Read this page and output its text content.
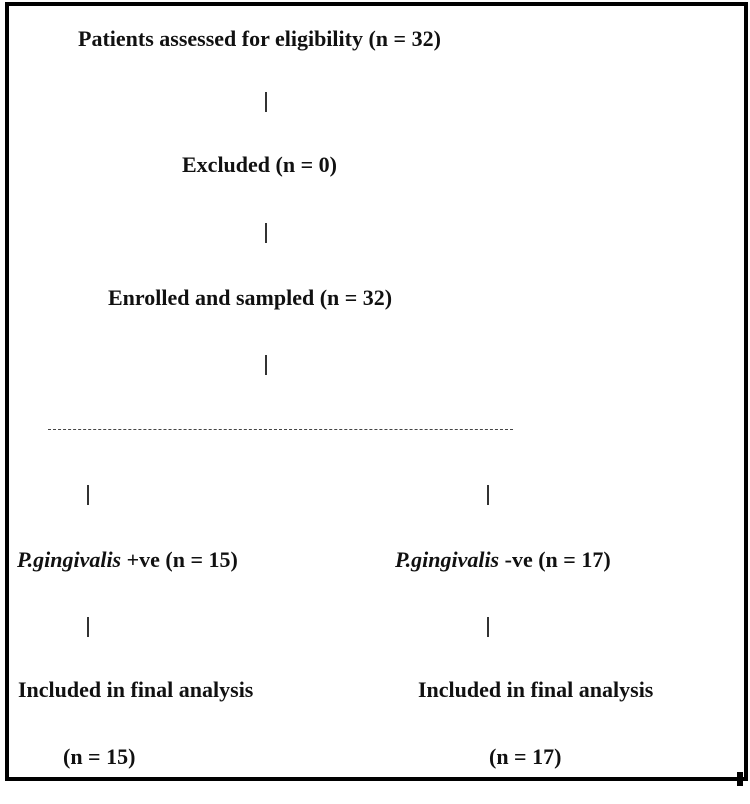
Patients assessed for eligibility (n = 32)
Excluded (n = 0)
Enrolled and sampled (n = 32)
P.gingivalis +ve (n = 15)	P.gingivalis -ve (n = 17)
Included in final analysis	Included in final analysis
(n = 15)	(n = 17)
